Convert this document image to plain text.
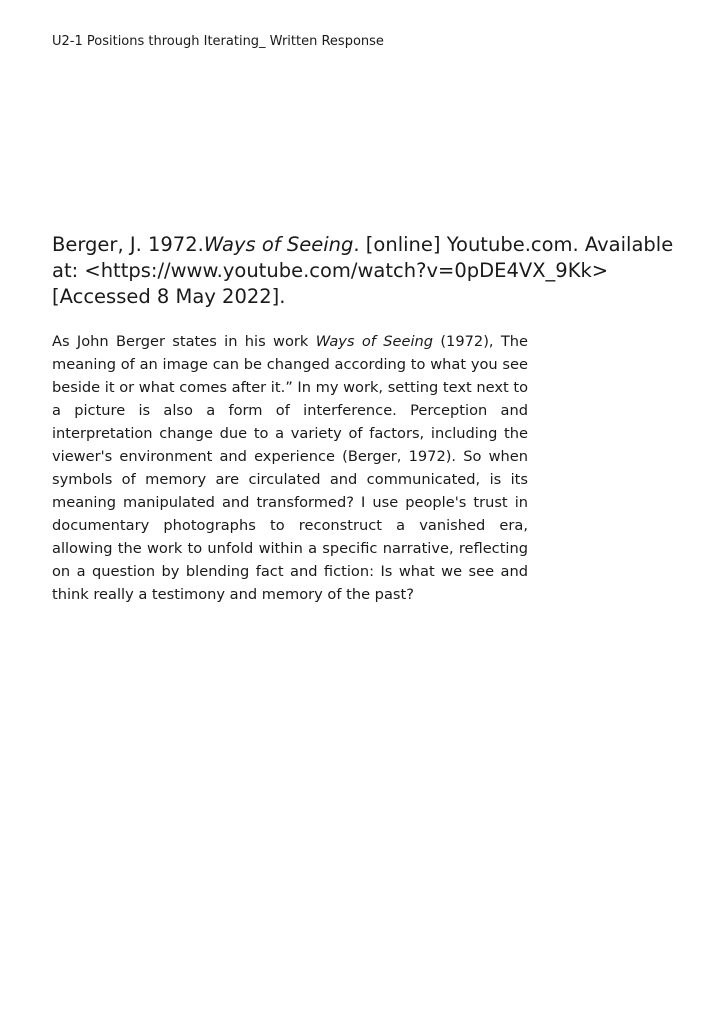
U2-1 Positions through Iterating_ Written Response
Berger, J. 1972.Ways of Seeing. [online] Youtube.com. Available at: <https://www.youtube.com/watch?v=0pDE4VX_9Kk> [Accessed 8 May 2022].
As John Berger states in his work Ways of Seeing (1972), The meaning of an image can be changed according to what you see beside it or what comes after it.” In my work, setting text next to a picture is also a form of interference. Perception and interpretation change due to a variety of factors, including the viewer's environment and experience (Berger, 1972). So when symbols of memory are circulated and communicated, is its meaning manipulated and transformed? I use people's trust in documentary photographs to reconstruct a vanished era, allowing the work to unfold within a specific narrative, reflecting on a question by blending fact and fiction: Is what we see and think really a testimony and memory of the past?
